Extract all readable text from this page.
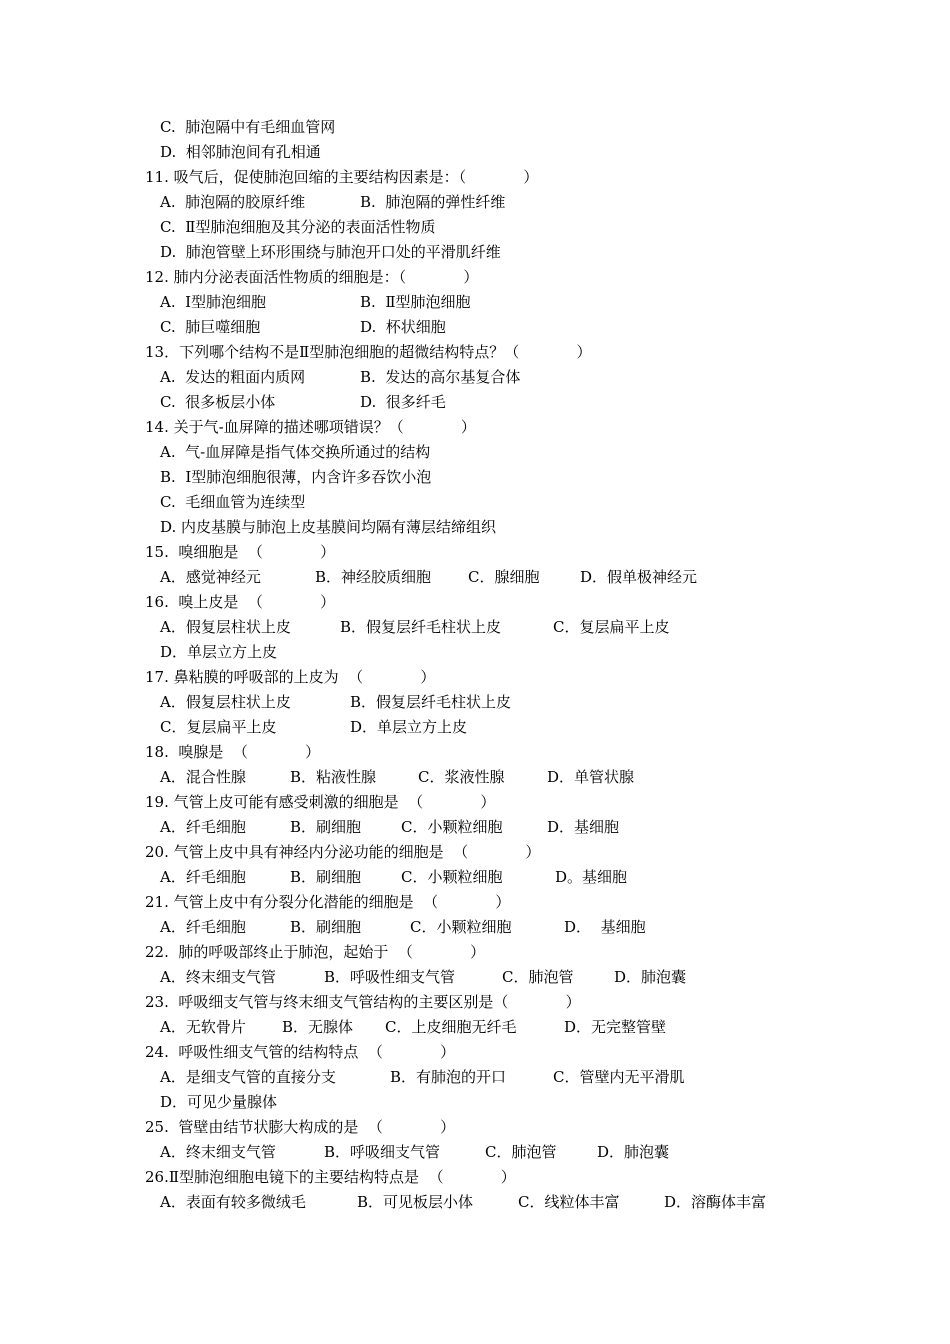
C.  肺泡隔中有毛细血管网
D.  相邻肺泡间有孔相通
11. 吸气后，促使肺泡回缩的主要结构因素是：（            ）

A.  肺泡隔的胶原纤维

	B.  肺泡隔的弹性纤维

C.  Ⅱ型肺泡细胞及其分泌的表面活性物质
D.  肺泡管壁上环形围绕与肺泡开口处的平滑肌纤维
12. 肺内分泌表面活性物质的细胞是：（            ）

A.  Ⅰ型肺泡细胞

	B.  Ⅱ型肺泡细胞

C.  肺巨噬细胞

	D.  杯状细胞

13．下列哪个结构不是Ⅱ型肺泡细胞的超微结构特点？（            ）

A.  发达的粗面内质网

	B.  发达的高尔基复合体

C.  很多板层小体

	D.  很多纤毛

14. 关于气-血屏障的描述哪项错误？（            ）
A.  气-血屏障是指气体交换所通过的结构
B.  Ⅰ型肺泡细胞很薄，内含许多吞饮小泡
C.  毛细血管为连续型
D. 内皮基膜与肺泡上皮基膜间均隔有薄层结缔组织
15.  嗅细胞是  （            ）

A．感觉神经元

	B．神经胶质细胞

C．腺细胞

	D．假单极神经元

16.  嗅上皮是  （            ）

A．假复层柱状上皮

	B．假复层纤毛柱状上皮

	C．复层扁平上皮

D．单层立方上皮
17. 鼻粘膜的呼吸部的上皮为  （            ）

A．假复层柱状上皮

	B．假复层纤毛柱状上皮

C．复层扁平上皮

	D．单层立方上皮

18.  嗅腺是  （            ）

A．混合性腺

	B．粘液性腺

	C．浆液性腺

	D．单管状腺

19. 气管上皮可能有感受刺激的细胞是  （            ）

A．纤毛细胞

	B．刷细胞

	C．小颗粒细胞

	D．基细胞

20. 气管上皮中具有神经内分泌功能的细胞是  （            ）

A．纤毛细胞

	B．刷细胞

	C．小颗粒细胞

	D。基细胞

21. 气管上皮中有分裂分化潜能的细胞是  （            ）

A．纤毛细胞

	B．刷细胞

	C．小颗粒细胞

	D．  基细胞

22.  肺的呼吸部终止于肺泡，起始于  （            ）

A．终末细支气管

	B．呼吸性细支气管

	C．肺泡管

	D．肺泡囊

23.  呼吸细支气管与终末细支气管结构的主要区别是（            ）

A．无软骨片

B．无腺体

C．上皮细胞无纤毛

	D．无完整管壁

24.  呼吸性细支气管的结构特点  （            ）

A．是细支气管的直接分支

	B．有肺泡的开口

	C．管壁内无平滑肌

D．可见少量腺体
25.  管壁由结节状膨大构成的是  （            ）

A．终末细支气管

	B．呼吸细支气管

	C．肺泡管

	D．肺泡囊

26.Ⅱ型肺泡细胞电镜下的主要结构特点是  （            ）

A．表面有较多微绒毛

	B．可见板层小体

	C．线粒体丰富

	D．溶酶体丰富
